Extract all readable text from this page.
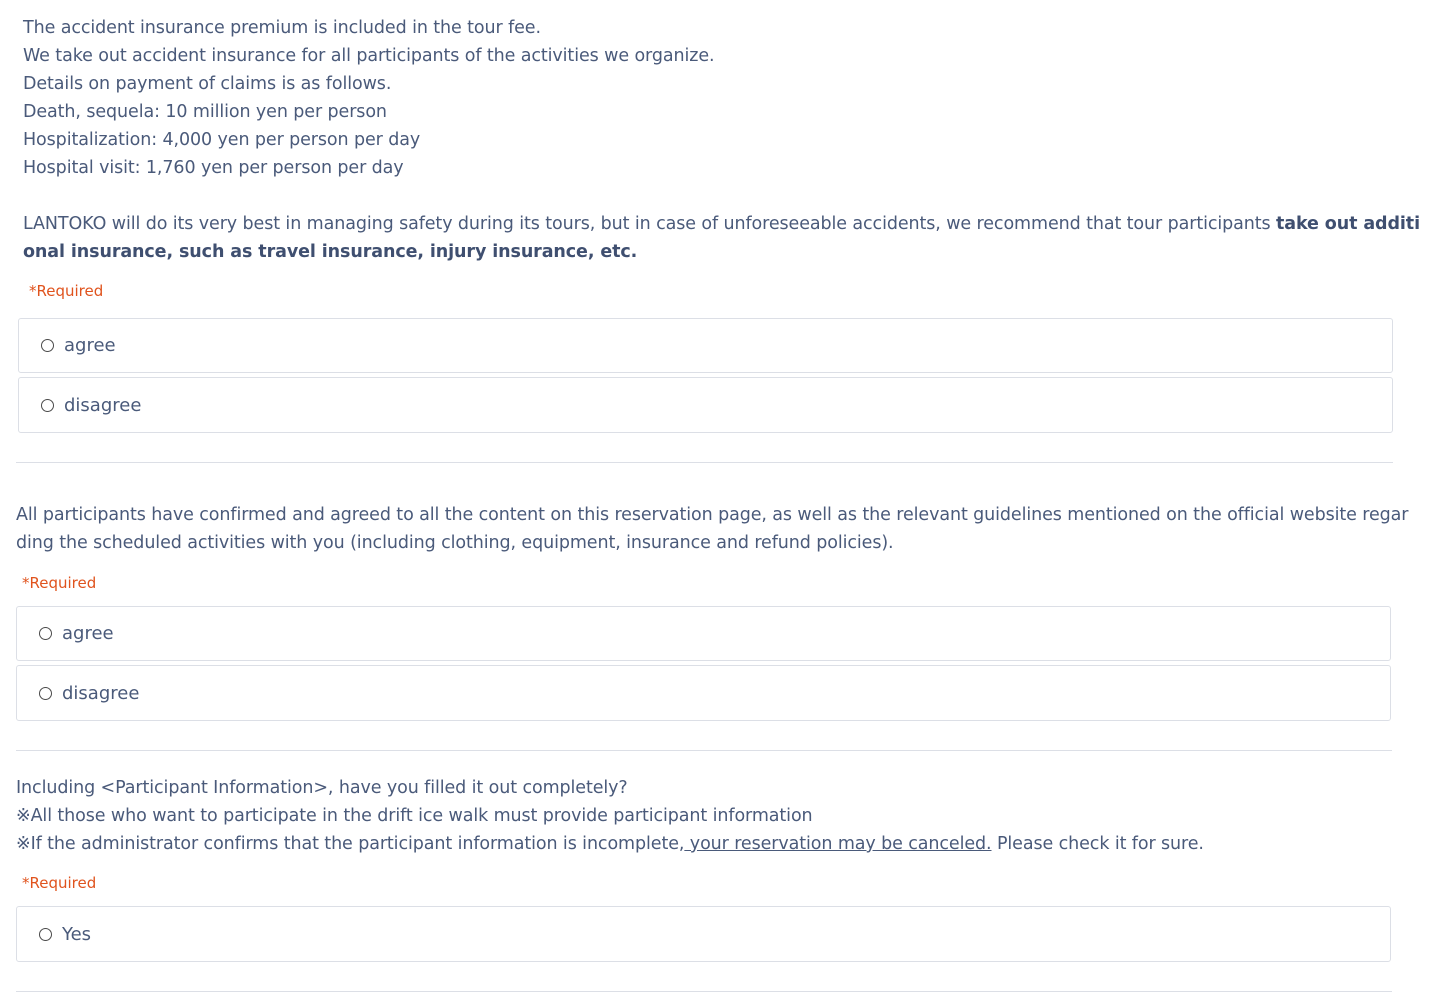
The accident insurance premium is included in the tour fee.
We take out accident insurance for all participants of the activities we organize.
Details on payment of claims is as follows.
Death, sequela: 10 million yen per person
Hospitalization: 4,000 yen per person per day
Hospital visit: 1,760 yen per person per day
LANTOKO will do its very best in managing safety during its tours, but in case of unforeseeable accidents, we recommend that tour participants take out additi
onal insurance, such as travel insurance, injury insurance, etc.
*Required
agree
disagree
All participants have confirmed and agreed to all the content on this reservation page, as well as the relevant guidelines mentioned on the official website regar
ding the scheduled activities with you (including clothing, equipment, insurance and refund policies).
*Required
agree
disagree
Including <Participant Information>, have you filled it out completely?
※All those who want to participate in the drift ice walk must provide participant information
※If the administrator confirms that the participant information is incomplete, your reservation may be canceled. Please check it for sure.
*Required
Yes
